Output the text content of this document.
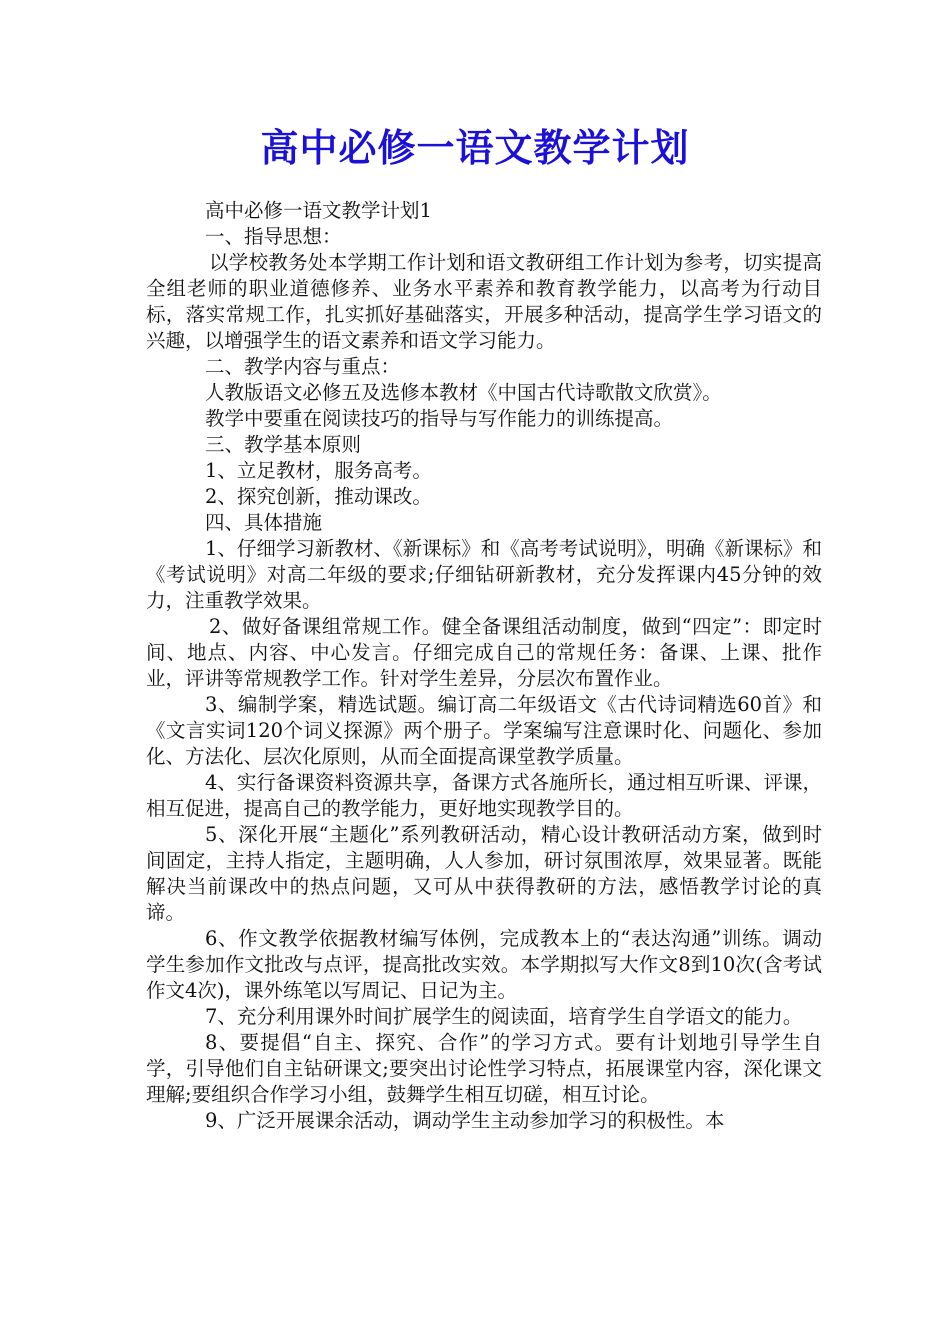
高中必修一语文教学计划

高中必修一语文教学计划1

一、指导思想：

以学校教务处本学期工作计划和语文教研组工作计划为参考，切实提高全组老师的职业道德修养、业务水平素养和教育教学能力，以高考为行动目标，落实常规工作，扎实抓好基础落实，开展多种活动，提高学生学习语文的兴趣，以增强学生的语文素养和语文学习能力。

二、教学内容与重点：

人教版语文必修五及选修本教材《中国古代诗歌散文欣赏》。

教学中要重在阅读技巧的指导与写作能力的训练提高。

三、教学基本原则

1、立足教材，服务高考。

2、探究创新，推动课改。

四、具体措施

1、仔细学习新教材、《新课标》和《高考考试说明》，明确《新课标》和《考试说明》对高二年级的要求;仔细钻研新教材，充分发挥课内45分钟的效力，注重教学效果。

2、做好备课组常规工作。健全备课组活动制度，做到“四定”：即定时间、地点、内容、中心发言。仔细完成自己的常规任务：备课、上课、批作业，评讲等常规教学工作。针对学生差异，分层次布置作业。

3、编制学案，精选试题。编订高二年级语文《古代诗词精选60首》和《文言实词120个词义探源》两个册子。学案编写注意课时化、问题化、参加化、方法化、层次化原则，从而全面提高课堂教学质量。

4、实行备课资料资源共享，备课方式各施所长，通过相互听课、评课，相互促进，提高自己的教学能力，更好地实现教学目的。

5、深化开展“主题化”系列教研活动，精心设计教研活动方案，做到时间固定，主持人指定，主题明确，人人参加，研讨氛围浓厚，效果显著。既能解决当前课改中的热点问题，又可从中获得教研的方法，感悟教学讨论的真谛。

6、作文教学依据教材编写体例，完成教本上的“表达沟通”训练。调动学生参加作文批改与点评，提高批改实效。本学期拟写大作文8到10次(含考试作文4次)，课外练笔以写周记、日记为主。

7、充分利用课外时间扩展学生的阅读面，培育学生自学语文的能力。

8、要提倡“自主、探究、合作”的学习方式。要有计划地引导学生自学，引导他们自主钻研课文;要突出讨论性学习特点，拓展课堂内容，深化课文理解;要组织合作学习小组，鼓舞学生相互切磋，相互讨论。

9、广泛开展课余活动，调动学生主动参加学习的积极性。本
